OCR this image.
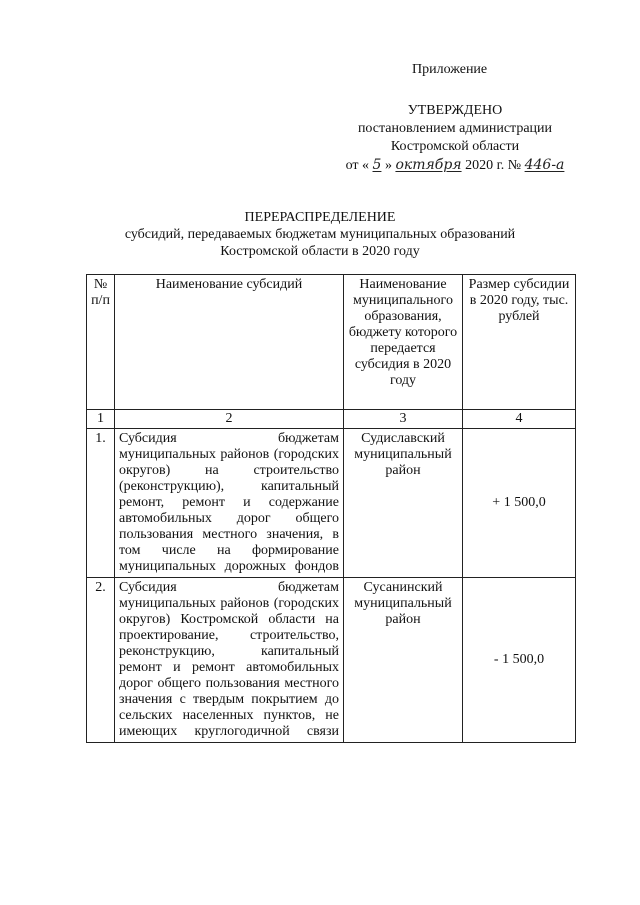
Приложение
УТВЕРЖДЕНО
постановлением администрации
Костромской области
от « 5 » октября 2020 г. № 446-а
ПЕРЕРАСПРЕДЕЛЕНИЕ
субсидий, передаваемых бюджетам муниципальных образований
Костромской области в 2020 году
№ п/п	Наименование субсидий	Наименование муниципального образования, бюджету которого передается субсидия в 2020 году	Размер субсидии в 2020 году, тыс. рублей
1	2	3	4
1.	Субсидия бюджетам муниципальных районов (городских округов) на строительство (реконструкцию), капитальный ремонт, ремонт и содержание автомобильных дорог общего пользования местного значения, в том числе на формирование муниципальных дорожных фондов	Судиславский муниципальный район	+ 1 500,0
2.	Субсидия бюджетам муниципальных районов (городских округов) Костромской области на проектирование, строительство, реконструкцию, капитальный ремонт и ремонт автомобильных дорог общего пользования местного значения с твердым покрытием до сельских населенных пунктов, не имеющих круглогодичной связи	Сусанинский муниципальный район	- 1 500,0
